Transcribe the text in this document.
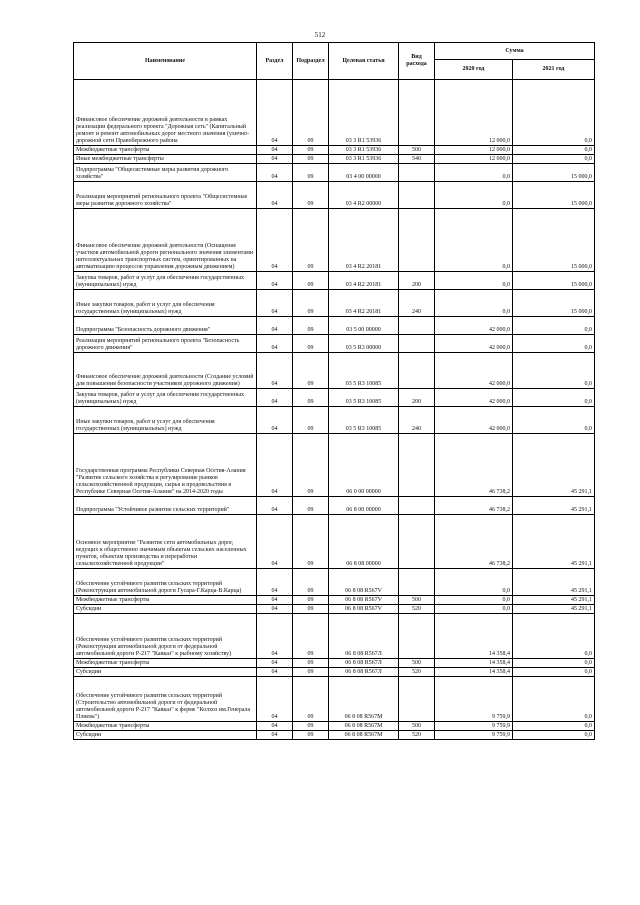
512
Наименование	Раздел	Подраздел	Целевая статья	Вид расхода	Сумма	
					2020 год	2021 год
Финансовое обеспечение дорожной деятельности в рамках реализации федерального проекта "Дорожная сеть" (Капитальный ремонт и ремонт автомобильных дорог местного значения (улично-дорожной сети Правобережного района	04	09	03 3 R1 53936		12 000,0	0,0
Межбюджетные трансферты	04	09	03 3 R1 53936	500	12 000,0	0,0
Иные межбюджетные трансферты	04	09	03 3 R1 53936	540	12 000,0	0,0
Подпрограмма "Общесистемные меры развития дорожного хозяйства"	04	09	03 4 00 00000		0,0	15 000,0
Реализация мероприятий регионального проекта "Общесистемные меры развития дорожного хозяйства"	04	09	03 4 R2 00000		0,0	15 000,0
Финансовое обеспечение дорожной деятельности (Оснащение участков автомобильной дороги регионального значения элементами интеллектуальных транспортных систем, ориентированных на автоматизацию процессов управления дорожным движением)	04	09	03 4 R2 20181		0,0	15 000,0
Закупка товаров, работ и услуг для обеспечения государственных (муниципальных) нужд	04	09	03 4 R2 20181	200	0,0	15 000,0
Иные закупки товаров, работ и услуг для обеспечения государственных (муниципальных) нужд	04	09	03 4 R2 20181	240	0,0	15 000,0
Подпрограмма "Безопасность дорожного движения"	04	09	03 5 00 00000		42 000,0	0,0
Реализация мероприятий регионального проекта "Безопасность дорожного движения"	04	09	03 5 R3 00000		42 000,0	0,0
Финансовое обеспечение дорожной деятельности (Создание условий для повышения безопасности участников дорожного движения)	04	09	03 5 R3 10085		42 000,0	0,0
Закупка товаров, работ и услуг для обеспечения государственных (муниципальных) нужд	04	09	03 5 R3 10085	200	42 000,0	0,0
Иные закупки товаров, работ и услуг для обеспечения государственных (муниципальных) нужд	04	09	03 5 R3 10085	240	42 000,0	0,0
Государственная программа Республики Северная Осетия-Алания "Развитие сельского хозяйства и регулирование рынков сельскохозяйственной продукции, сырья и продовольствия в Республике Северная Осетия-Алания" на 2014-2020 годы	04	09	06 0 00 00000		46 738,2	45 291,1
Подпрограмма "Устойчивое развитие сельских территорий"	04	09	06 8 00 00000		46 738,2	45 291,1
Основное мероприятие "Развитие сети автомобильных дорог, ведущих к общественно значимым объектам сельских населенных пунктов, объектам производства и переработки сельскохозяйственной продукции"	04	09	06 8 08 00000		46 738,2	45 291,1
Обеспечение устойчивого развития сельских территорий (Реконструкция автомобильной дороги Гусара-Г.Карца-В.Карца)	04	09	06 8 08 R567V		0,0	45 291,1
Межбюджетные трансферты	04	09	06 8 08 R567V	500	0,0	45 291,1
Субсидии	04	09	06 8 08 R567V	520	0,0	45 291,1
Обеспечение устойчивого развития сельских территорий (Реконструкция автомобильной дороги от федеральной автомобильной дороги Р-217 "Кавказ" к рыбному хозяйству)	04	09	06 8 08 R567Л		14 358,4	0,0
Межбюджетные трансферты	04	09	06 8 08 R567Л	500	14 358,4	0,0
Субсидии	04	09	06 8 08 R567Л	520	14 358,4	0,0
Обеспечение устойчивого развития сельских территорий (Строительство автомобильной дороги от федеральной автомобильной дороги Р-217 "Кавказ" к ферме "Колхоз им.Генерала Плиева")	04	09	06 8 08 R567M		9 759,9	0,0
Межбюджетные трансферты	04	09	06 8 08 R567M	500	9 759,9	0,0
Субсидии	04	09	06 8 08 R567M	520	9 759,9	0,0
